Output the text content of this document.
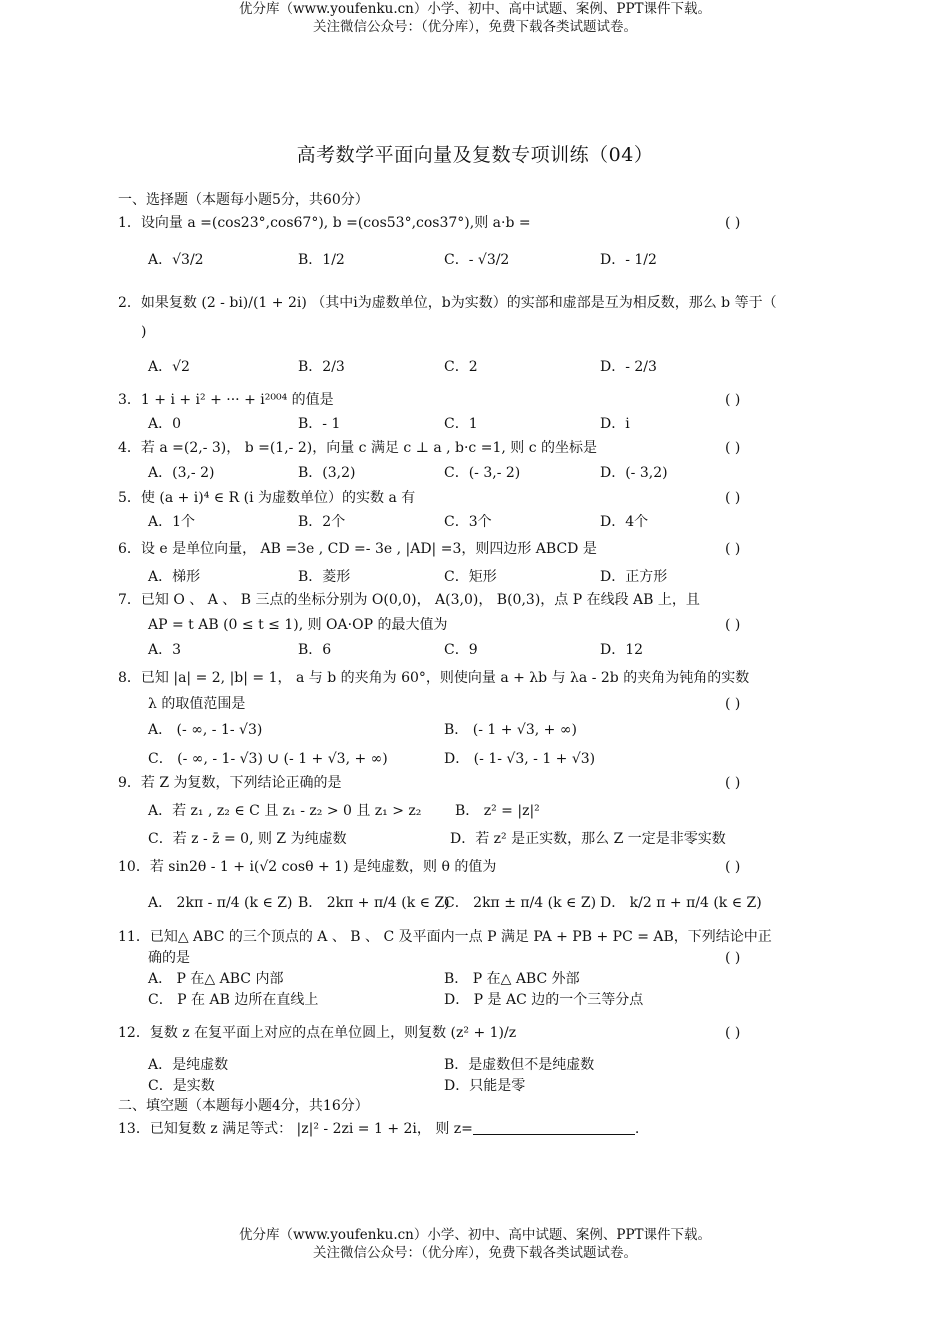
优分库（www.youfenku.cn）小学、初中、高中试题、案例、PPT课件下载。
关注微信公众号：（优分库），免费下载各类试题试卷。
高考数学平面向量及复数专项训练（04）
一、选择题（本题每小题5分，共60分）
1．设向量 a =(cos23°,cos67°), b =(cos53°,cos37°),则 a·b =	( )
A．√3/2	B．1/2	C．- √3/2	D．- 1/2
2．如果复数 (2 - bi)/(1 + 2i) （其中i为虚数单位，b为实数）的实部和虚部是互为相反数，那么 b 等于（
)
A．√2	B．2/3	C．2	D．- 2/3
3．1 + i + i² + ··· + i²⁰⁰⁴ 的值是	( )
A．0	B．- 1	C．1	D．i
4．若 a =(2,- 3)， b =(1,- 2)，向量 c 满足 c ⊥ a , b·c =1, 则 c 的坐标是	( )
A．(3,- 2)	B．(3,2)	C．(- 3,- 2)	D．(- 3,2)
5．使 (a + i)⁴ ∈ R (i 为虚数单位）的实数 a 有	( )
A．1个	B．2个	C．3个	D．4个
6．设 e 是单位向量， AB =3e , CD =- 3e , |AD| =3，则四边形 ABCD 是	( )
A．梯形	B．菱形	C．矩形	D．正方形
7．已知 O 、 A 、 B 三点的坐标分别为 O(0,0)， A(3,0)， B(0,3)，点 P 在线段 AB 上，且
AP = t AB (0 ≤ t ≤ 1), 则 OA·OP 的最大值为	( )
A．3	B．6	C．9	D．12
8．已知 |a| = 2, |b| = 1， a 与 b 的夹角为 60°，则使向量 a + λb 与 λa - 2b 的夹角为钝角的实数
λ 的取值范围是	( )
A． (- ∞, - 1- √3)	B． (- 1 + √3, + ∞)
C． (- ∞, - 1- √3) ∪ (- 1 + √3, + ∞)	D． (- 1- √3, - 1 + √3)
9．若 Z 为复数，下列结论正确的是	( )
A．若 z₁ , z₂ ∈ C 且 z₁ - z₂ > 0 且 z₁ > z₂ B． z² = |z|²
C．若 z - z̄ = 0, 则 Z 为纯虚数	D．若 z² 是正实数，那么 Z 一定是非零实数
10．若 sin2θ - 1 + i(√2 cosθ + 1) 是纯虚数，则 θ 的值为	( )
A． 2kπ - π/4 (k ∈ Z) B． 2kπ + π/4 (k ∈ Z)
C． 2kπ ± π/4 (k ∈ Z) D． k/2 π + π/4 (k ∈ Z)
11．已知△ ABC 的三个顶点的 A 、 B 、 C 及平面内一点 P 满足 PA + PB + PC = AB，下列结论中正
确的是	( )
A． P 在△ ABC 内部	B． P 在△ ABC 外部
C． P 在 AB 边所在直线上	D． P 是 AC 边的一个三等分点
12．复数 z 在复平面上对应的点在单位圆上，则复数 (z² + 1)/z	( )
A．是纯虚数	B．是虚数但不是纯虚数
C．是实数	D．只能是零
二、填空题（本题每小题4分，共16分）
13．已知复数 z 满足等式： |z|² - 2zi = 1 + 2i， 则 z=	.
优分库（www.youfenku.cn）小学、初中、高中试题、案例、PPT课件下载。
关注微信公众号：（优分库），免费下载各类试题试卷。
